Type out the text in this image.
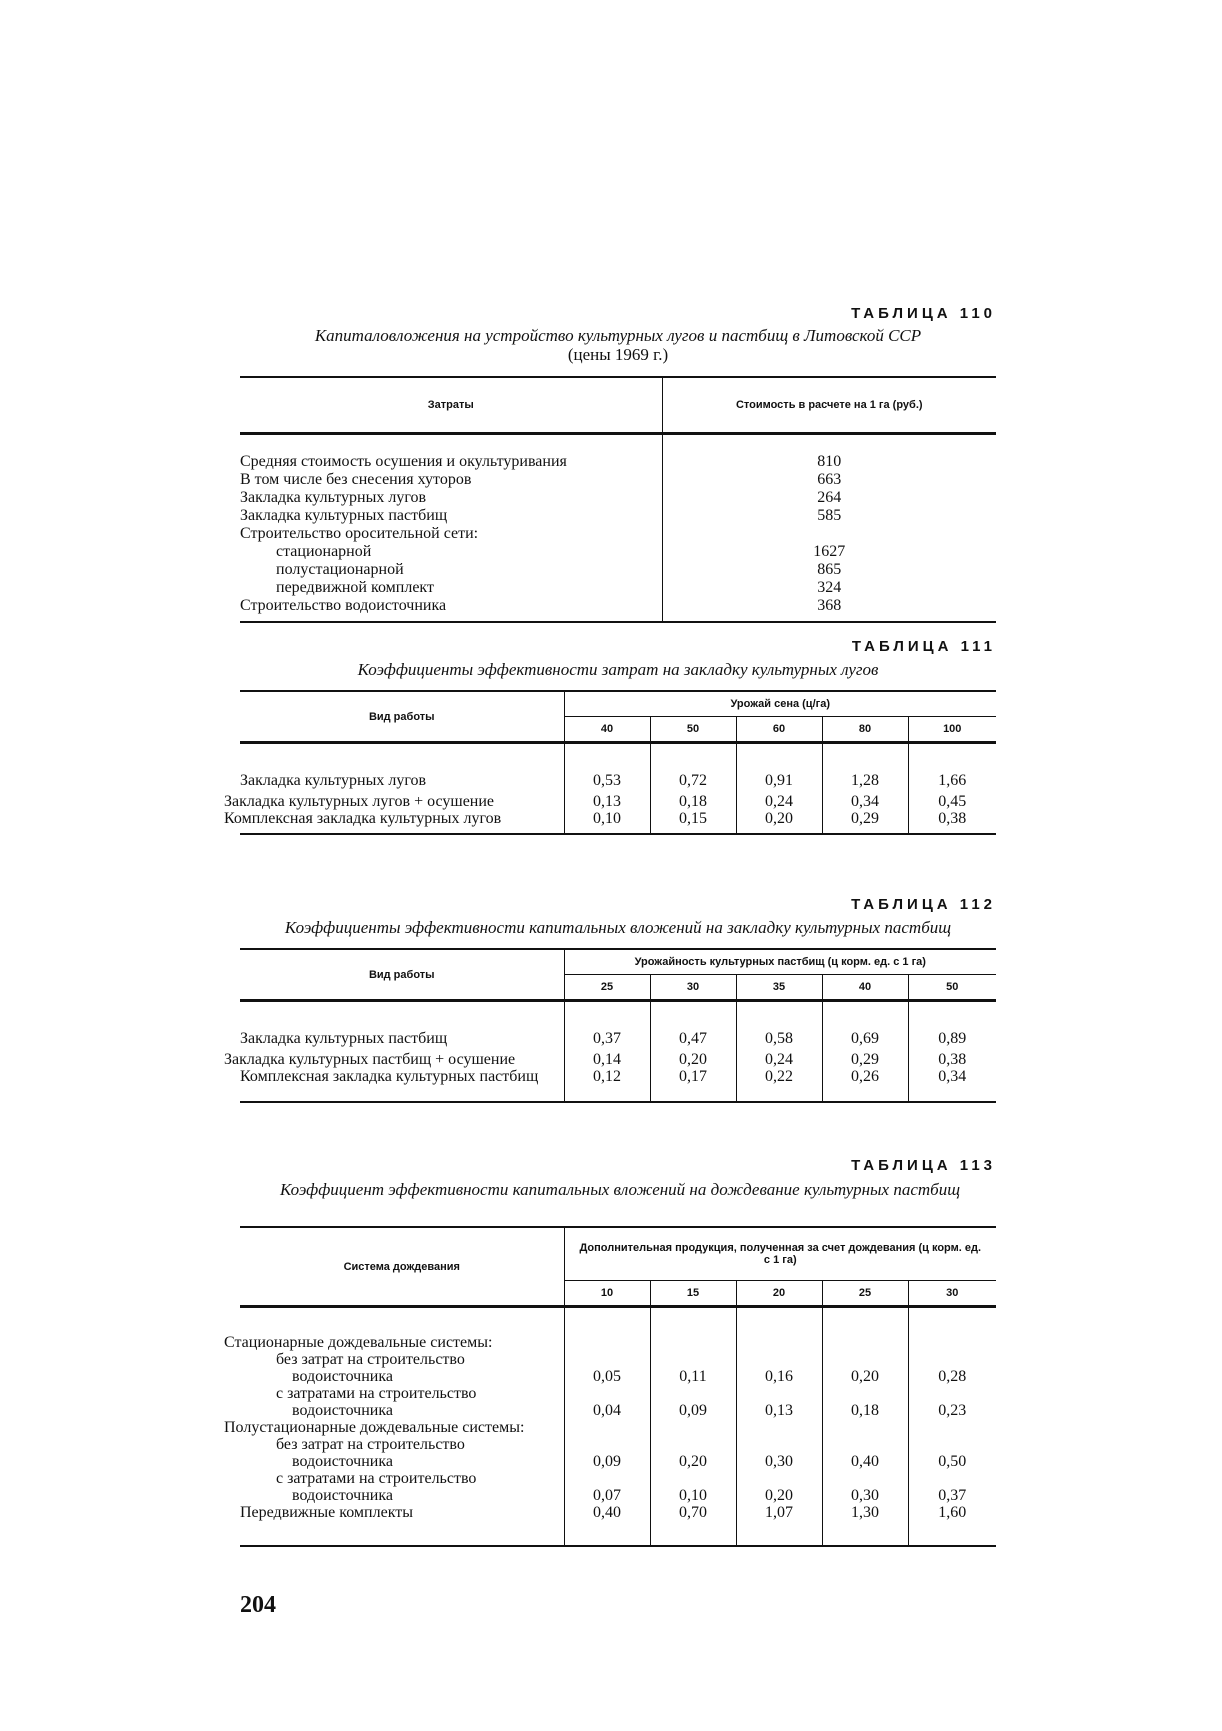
ТАБЛИЦА 110
Капиталовложения на устройство культурных лугов и пастбищ в Литовской ССР
(цены 1969 г.)
Затраты	Стоимость в расчете на 1 га (руб.)
Средняя стоимость осушения и окультуривания	810
В том числе без снесения хуторов	663
Закладка культурных лугов	264
Закладка культурных пастбищ	585
Строительство оросительной сети:	
стационарной	1627
полустационарной	865
передвижной комплект	324
Строительство водоисточника	368
ТАБЛИЦА 111
Коэффициенты эффективности затрат на закладку культурных лугов
Вид работы	Урожай сена (ц/га)				
	40	50	60	80	100
Закладка культурных лугов	0,53	0,72	0,91	1,28	1,66
Закладка культурных лугов + осушение	0,13	0,18	0,24	0,34	0,45
Комплексная закладка культурных лугов	0,10	0,15	0,20	0,29	0,38
ТАБЛИЦА 112
Коэффициенты эффективности капитальных вложений на закладку культурных пастбищ
Вид работы	Урожайность культурных пастбищ (ц корм. ед. с 1 га)				
	25	30	35	40	50
Закладка культурных пастбищ	0,37	0,47	0,58	0,69	0,89
Закладка культурных пастбищ + осушение	0,14	0,20	0,24	0,29	0,38
Комплексная закладка культурных пастбищ	0,12	0,17	0,22	0,26	0,34
ТАБЛИЦА 113
Коэффициент эффективности капитальных вложений на дождевание культурных пастбищ
Система дождевания	Дополнительная продукция, полученная за счет дождевания (ц корм. ед. с 1 га)				
	10	15	20	25	30
Стационарные дождевальные системы:					
без затрат на строительство водоисточника	0,05	0,11	0,16	0,20	0,28
с затратами на строительство водоисточника	0,04	0,09	0,13	0,18	0,23
Полустационарные дождевальные системы:					
без затрат на строительство водоисточника	0,09	0,20	0,30	0,40	0,50
с затратами на строительство водоисточника	0,07	0,10	0,20	0,30	0,37
Передвижные комплекты	0,40	0,70	1,07	1,30	1,60
204
